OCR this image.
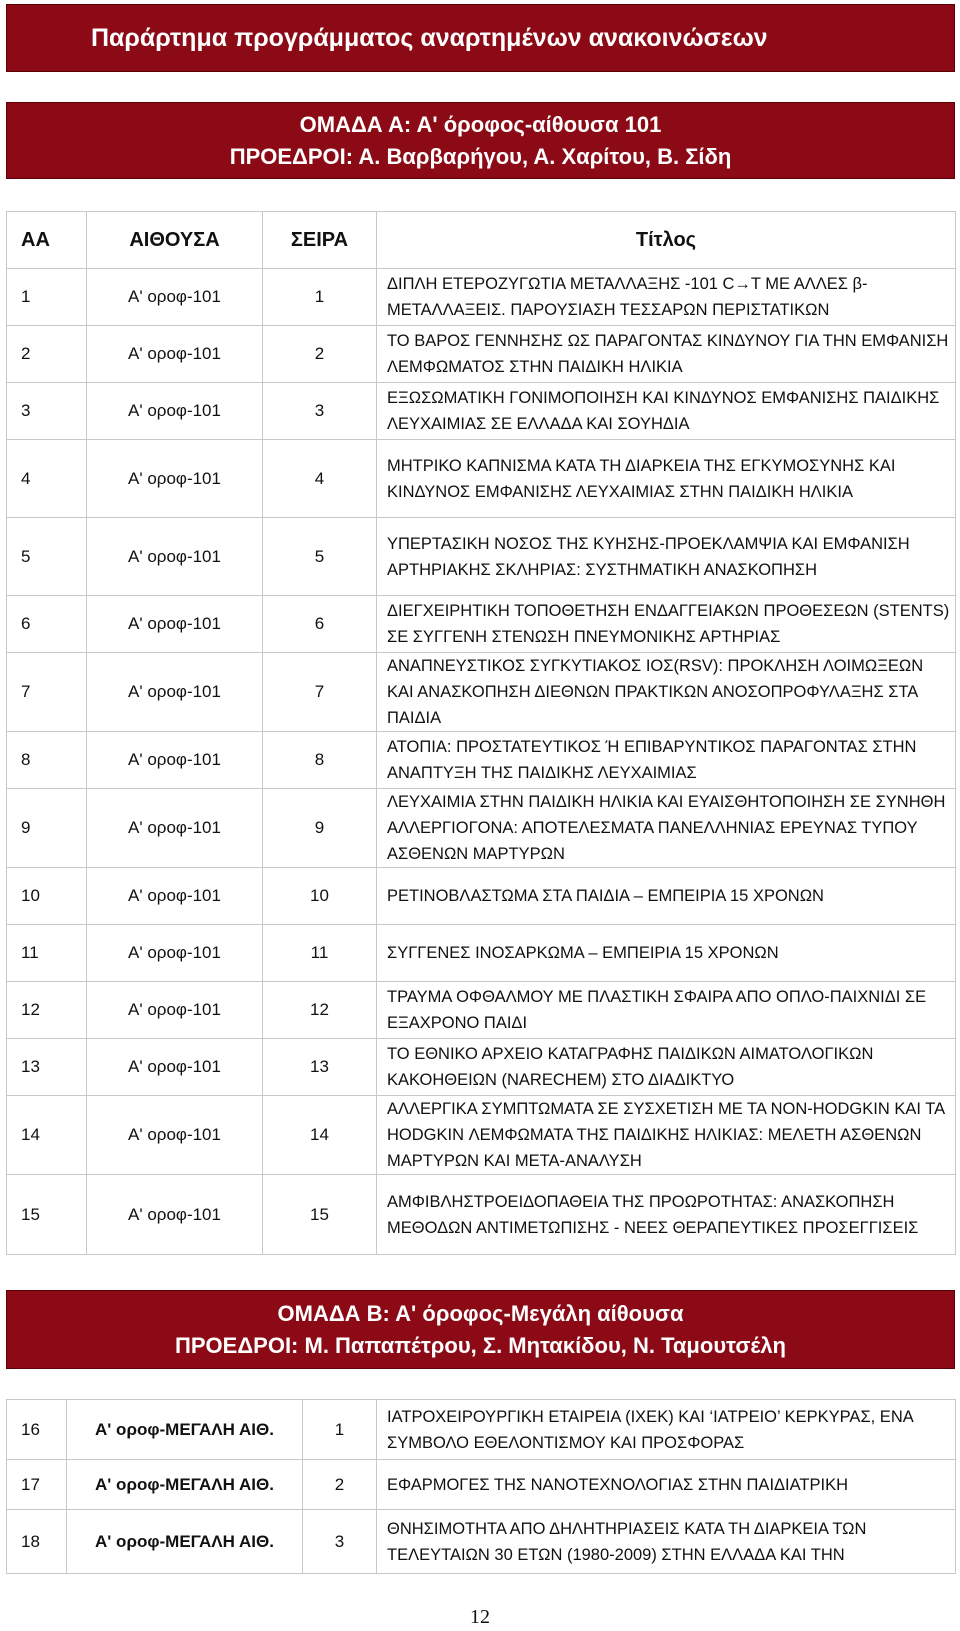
Παράρτημα προγράμματος αναρτημένων ανακοινώσεων
ΟΜΑΔΑ Α: Α' όροφος-αίθουσα 101
ΠΡΟΕΔΡΟΙ: Α. Βαρβαρήγου, Α. Χαρίτου, Β. Σίδη
ΑΑ	ΑΙΘΟΥΣΑ	ΣΕΙΡΑ	Τίτλος
1	Α' οροφ-101	1	ΔΙΠΛΗ ΕΤΕΡΟΖΥΓΩΤΙΑ ΜΕΤΑΛΛΑΞΗΣ -101 C→T ΜΕ ΑΛΛΕΣ β-ΜΕΤΑΛΛΑΞΕΙΣ. ΠΑΡΟΥΣΙΑΣΗ ΤΕΣΣΑΡΩΝ ΠΕΡΙΣΤΑΤΙΚΩΝ
2	Α' οροφ-101	2	ΤΟ ΒΑΡΟΣ ΓΕΝΝΗΣΗΣ ΩΣ ΠΑΡΑΓΟΝΤΑΣ ΚΙΝΔΥΝΟΥ ΓΙΑ ΤΗΝ ΕΜΦΑΝΙΣΗ ΛΕΜΦΩΜΑΤΟΣ ΣΤΗΝ ΠΑΙΔΙΚΗ ΗΛΙΚΙΑ
3	Α' οροφ-101	3	ΕΞΩΣΩΜΑΤΙΚΗ ΓΟΝΙΜΟΠΟΙΗΣΗ ΚΑΙ ΚΙΝΔΥΝΟΣ ΕΜΦΑΝΙΣΗΣ ΠΑΙΔΙΚΗΣ ΛΕΥΧΑΙΜΙΑΣ ΣΕ ΕΛΛΑΔΑ ΚΑΙ ΣΟΥΗΔΙΑ
4	Α' οροφ-101	4	ΜΗΤΡΙΚΟ ΚΑΠΝΙΣΜΑ ΚΑΤΑ ΤΗ ΔΙΑΡΚΕΙΑ ΤΗΣ ΕΓΚΥΜΟΣΥΝΗΣ ΚΑΙ ΚΙΝΔΥΝΟΣ ΕΜΦΑΝΙΣΗΣ ΛΕΥΧΑΙΜΙΑΣ ΣΤΗΝ ΠΑΙΔΙΚΗ ΗΛΙΚΙΑ
5	Α' οροφ-101	5	ΥΠΕΡΤΑΣΙΚΗ ΝΟΣΟΣ ΤΗΣ ΚΥΗΣΗΣ-ΠΡΟΕΚΛΑΜΨΙΑ ΚΑΙ ΕΜΦΑΝΙΣΗ ΑΡΤΗΡΙΑΚΗΣ ΣΚΛΗΡΙΑΣ: ΣΥΣΤΗΜΑΤΙΚΗ ΑΝΑΣΚΟΠΗΣΗ
6	Α' οροφ-101	6	ΔΙΕΓΧΕΙΡΗΤΙΚΗ ΤΟΠΟΘΕΤΗΣΗ ΕΝΔΑΓΓΕΙΑΚΩΝ ΠΡΟΘΕΣΕΩΝ (STENTS) ΣΕ ΣΥΓΓΕΝΗ ΣΤΕΝΩΣΗ ΠΝΕΥΜΟΝΙΚΗΣ ΑΡΤΗΡΙΑΣ
7	Α' οροφ-101	7	ΑΝΑΠΝΕΥΣΤΙΚΟΣ ΣΥΓΚΥΤΙΑΚΟΣ ΙΟΣ(RSV): ΠΡΟΚΛΗΣΗ ΛΟΙΜΩΞΕΩΝ ΚΑΙ ΑΝΑΣΚΟΠΗΣΗ ΔΙΕΘΝΩΝ ΠΡΑΚΤΙΚΩΝ ΑΝΟΣΟΠΡΟΦΥΛΑΞΗΣ ΣΤΑ ΠΑΙΔΙΑ
8	Α' οροφ-101	8	ΑΤΟΠΙΑ: ΠΡΟΣΤΑΤΕΥΤΙΚΟΣ Ή ΕΠΙΒΑΡΥΝΤΙΚΟΣ ΠΑΡΑΓΟΝΤΑΣ ΣΤΗΝ ΑΝΑΠΤΥΞΗ ΤΗΣ ΠΑΙΔΙΚΗΣ ΛΕΥΧΑΙΜΙΑΣ
9	Α' οροφ-101	9	ΛΕΥΧΑΙΜΙΑ ΣΤΗΝ ΠΑΙΔΙΚΗ ΗΛΙΚΙΑ ΚΑΙ ΕΥΑΙΣΘΗΤΟΠΟΙΗΣΗ ΣΕ ΣΥΝΗΘΗ ΑΛΛΕΡΓΙΟΓΟΝΑ: ΑΠΟΤΕΛΕΣΜΑΤΑ ΠΑΝΕΛΛΗΝΙΑΣ ΕΡΕΥΝΑΣ ΤΥΠΟΥ ΑΣΘΕΝΩΝ ΜΑΡΤΥΡΩΝ
10	Α' οροφ-101	10	ΡΕΤΙΝΟΒΛΑΣΤΩΜΑ ΣΤΑ ΠΑΙΔΙΑ – ΕΜΠΕΙΡΙΑ 15 ΧΡΟΝΩΝ
11	Α' οροφ-101	11	ΣΥΓΓΕΝΕΣ ΙΝΟΣΑΡΚΩΜΑ – ΕΜΠΕΙΡΙΑ 15 ΧΡΟΝΩΝ
12	Α' οροφ-101	12	ΤΡΑΥΜΑ ΟΦΘΑΛΜΟΥ ΜΕ ΠΛΑΣΤΙΚΗ ΣΦΑΙΡΑ ΑΠΟ ΟΠΛΟ-ΠΑΙΧΝΙΔΙ ΣΕ ΕΞΑΧΡΟΝΟ ΠΑΙΔΙ
13	Α' οροφ-101	13	ΤΟ ΕΘΝΙΚΟ ΑΡΧΕΙΟ ΚΑΤΑΓΡΑΦΗΣ ΠΑΙΔΙΚΩΝ ΑΙΜΑΤΟΛΟΓΙΚΩΝ ΚΑΚΟΗΘΕΙΩΝ (NARECHEM) ΣΤΟ ΔΙΑΔΙΚΤΥΟ
14	Α' οροφ-101	14	ΑΛΛΕΡΓΙΚΑ ΣΥΜΠΤΩΜΑΤΑ ΣΕ ΣΥΣΧΕΤΙΣΗ ΜΕ ΤΑ NON-HODGKIN ΚΑΙ ΤΑ HODGKIN ΛΕΜΦΩΜΑΤΑ ΤΗΣ ΠΑΙΔΙΚΗΣ ΗΛΙΚΙΑΣ: ΜΕΛΕΤΗ ΑΣΘΕΝΩΝ ΜΑΡΤΥΡΩΝ ΚΑΙ ΜΕΤΑ-ΑΝΑΛΥΣΗ
15	Α' οροφ-101	15	ΑΜΦΙΒΛΗΣΤΡΟΕΙΔΟΠΑΘΕΙΑ ΤΗΣ ΠΡΟΩΡΟΤΗΤΑΣ: ΑΝΑΣΚΟΠΗΣΗ ΜΕΘΟΔΩΝ ΑΝΤΙΜΕΤΩΠΙΣΗΣ - ΝΕΕΣ ΘΕΡΑΠΕΥΤΙΚΕΣ ΠΡΟΣΕΓΓΙΣΕΙΣ
ΟΜΑΔΑ Β: Α' όροφος-Μεγάλη αίθουσα
ΠΡΟΕΔΡΟΙ: Μ. Παπαπέτρου, Σ. Μητακίδου, Ν. Ταμουτσέλη
16	Α' οροφ-ΜΕΓΑΛΗ ΑΙΘ.	1	ΙΑΤΡΟΧΕΙΡΟΥΡΓΙΚΗ ΕΤΑΙΡΕΙΑ (ΙΧΕΚ) ΚΑΙ ‘ΙΑΤΡΕΙΟ’ ΚΕΡΚΥΡΑΣ, ΕΝΑ ΣΥΜΒΟΛΟ ΕΘΕΛΟΝΤΙΣΜΟΥ ΚΑΙ ΠΡΟΣΦΟΡΑΣ
17	Α' οροφ-ΜΕΓΑΛΗ ΑΙΘ.	2	ΕΦΑΡΜΟΓΕΣ ΤΗΣ ΝΑΝΟΤΕΧΝΟΛΟΓΙΑΣ ΣΤΗΝ ΠΑΙΔΙΑΤΡΙΚΗ
18	Α' οροφ-ΜΕΓΑΛΗ ΑΙΘ.	3	ΘΝΗΣΙΜΟΤΗΤΑ ΑΠΟ ΔΗΛΗΤΗΡΙΑΣΕΙΣ ΚΑΤΑ ΤΗ ΔΙΑΡΚΕΙΑ ΤΩΝ ΤΕΛΕΥΤΑΙΩΝ 30 ΕΤΩΝ (1980-2009) ΣΤΗΝ ΕΛΛΑΔΑ ΚΑΙ ΤΗΝ
12
